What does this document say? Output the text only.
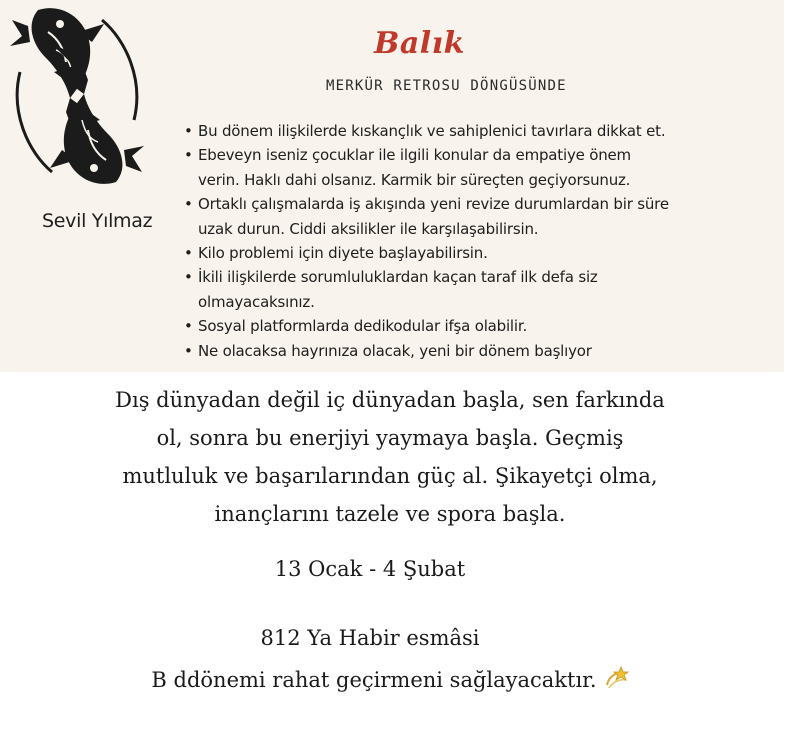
Sevil Yılmaz
Balık
MERKÜR RETROSU DÖNGÜSÜNDE
• Bu dönem ilişkilerde kıskançlık ve sahiplenici tavırlara dikkat et.
• Ebeveyn iseniz çocuklar ile ilgili konular da empatiye önem
verin. Haklı dahi olsanız. Karmik bir süreçten geçiyorsunuz.
• Ortaklı çalışmalarda iş akışında yeni revize durumlardan bir süre
uzak durun. Ciddi aksilikler ile karşılaşabilirsin.
• Kilo problemi için diyete başlayabilirsin.
• İkili ilişkilerde sorumluluklardan kaçan taraf ilk defa siz
olmayacaksınız.
• Sosyal platformlarda dedikodular ifşa olabilir.
• Ne olacaksa hayrınıza olacak, yeni bir dönem başlıyor
Dış dünyadan değil iç dünyadan başla, sen farkında
ol, sonra bu enerjiyi yaymaya başla. Geçmiş
mutluluk ve başarılarından güç al. Şikayetçi olma,
inançlarını tazele ve spora başla.
13 Ocak - 4 Şubat
812 Ya Habir esmâsi
B ddönemi rahat geçirmeni sağlayacaktır.
